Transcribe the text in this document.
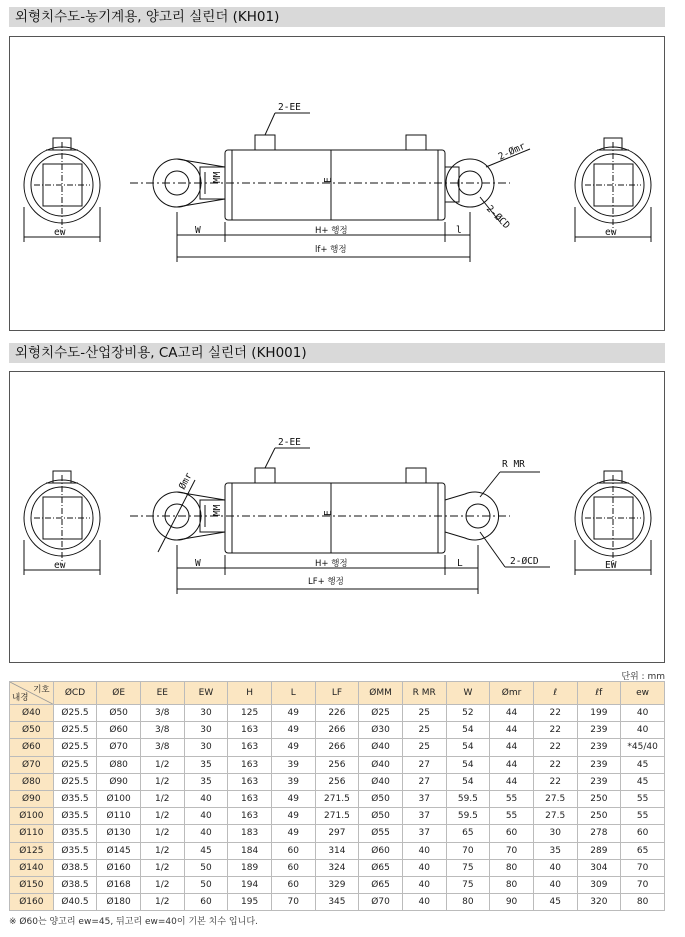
외형치수도-농기계용, 양고리 실린더 (KH01)
2-EE
2-Ømr
2-ØCD
MM	E
W	H+ 행정	l
lf+ 행정
ew	ew
외형치수도-산업장비용, CA고리 실린더 (KH001)
2-EE
Ømr
R MR
2-ØCD
MM	E
W	H+ 행정	L
LF+ 행정
ew	EW
단위 : mm
기호
내경	ØCD	ØE	EE	EW	H	L	LF	ØMM	R MR	W	Ømr	ℓ	ℓf	ew
Ø40	Ø25.5	Ø50	3/8	30	125	49	226	Ø25	25	52	44	22	199	40
Ø50	Ø25.5	Ø60	3/8	30	163	49	266	Ø30	25	54	44	22	239	40
Ø60	Ø25.5	Ø70	3/8	30	163	49	266	Ø40	25	54	44	22	239	*45/40
Ø70	Ø25.5	Ø80	1/2	35	163	39	256	Ø40	27	54	44	22	239	45
Ø80	Ø25.5	Ø90	1/2	35	163	39	256	Ø40	27	54	44	22	239	45
Ø90	Ø35.5	Ø100	1/2	40	163	49	271.5	Ø50	37	59.5	55	27.5	250	55
Ø100	Ø35.5	Ø110	1/2	40	163	49	271.5	Ø50	37	59.5	55	27.5	250	55
Ø110	Ø35.5	Ø130	1/2	40	183	49	297	Ø55	37	65	60	30	278	60
Ø125	Ø35.5	Ø145	1/2	45	184	60	314	Ø60	40	70	70	35	289	65
Ø140	Ø38.5	Ø160	1/2	50	189	60	324	Ø65	40	75	80	40	304	70
Ø150	Ø38.5	Ø168	1/2	50	194	60	329	Ø65	40	75	80	40	309	70
Ø160	Ø40.5	Ø180	1/2	60	195	70	345	Ø70	40	80	90	45	320	80
※ Ø60는 양고리 ew=45, 뒤고리 ew=40이 기본 치수 입니다.
